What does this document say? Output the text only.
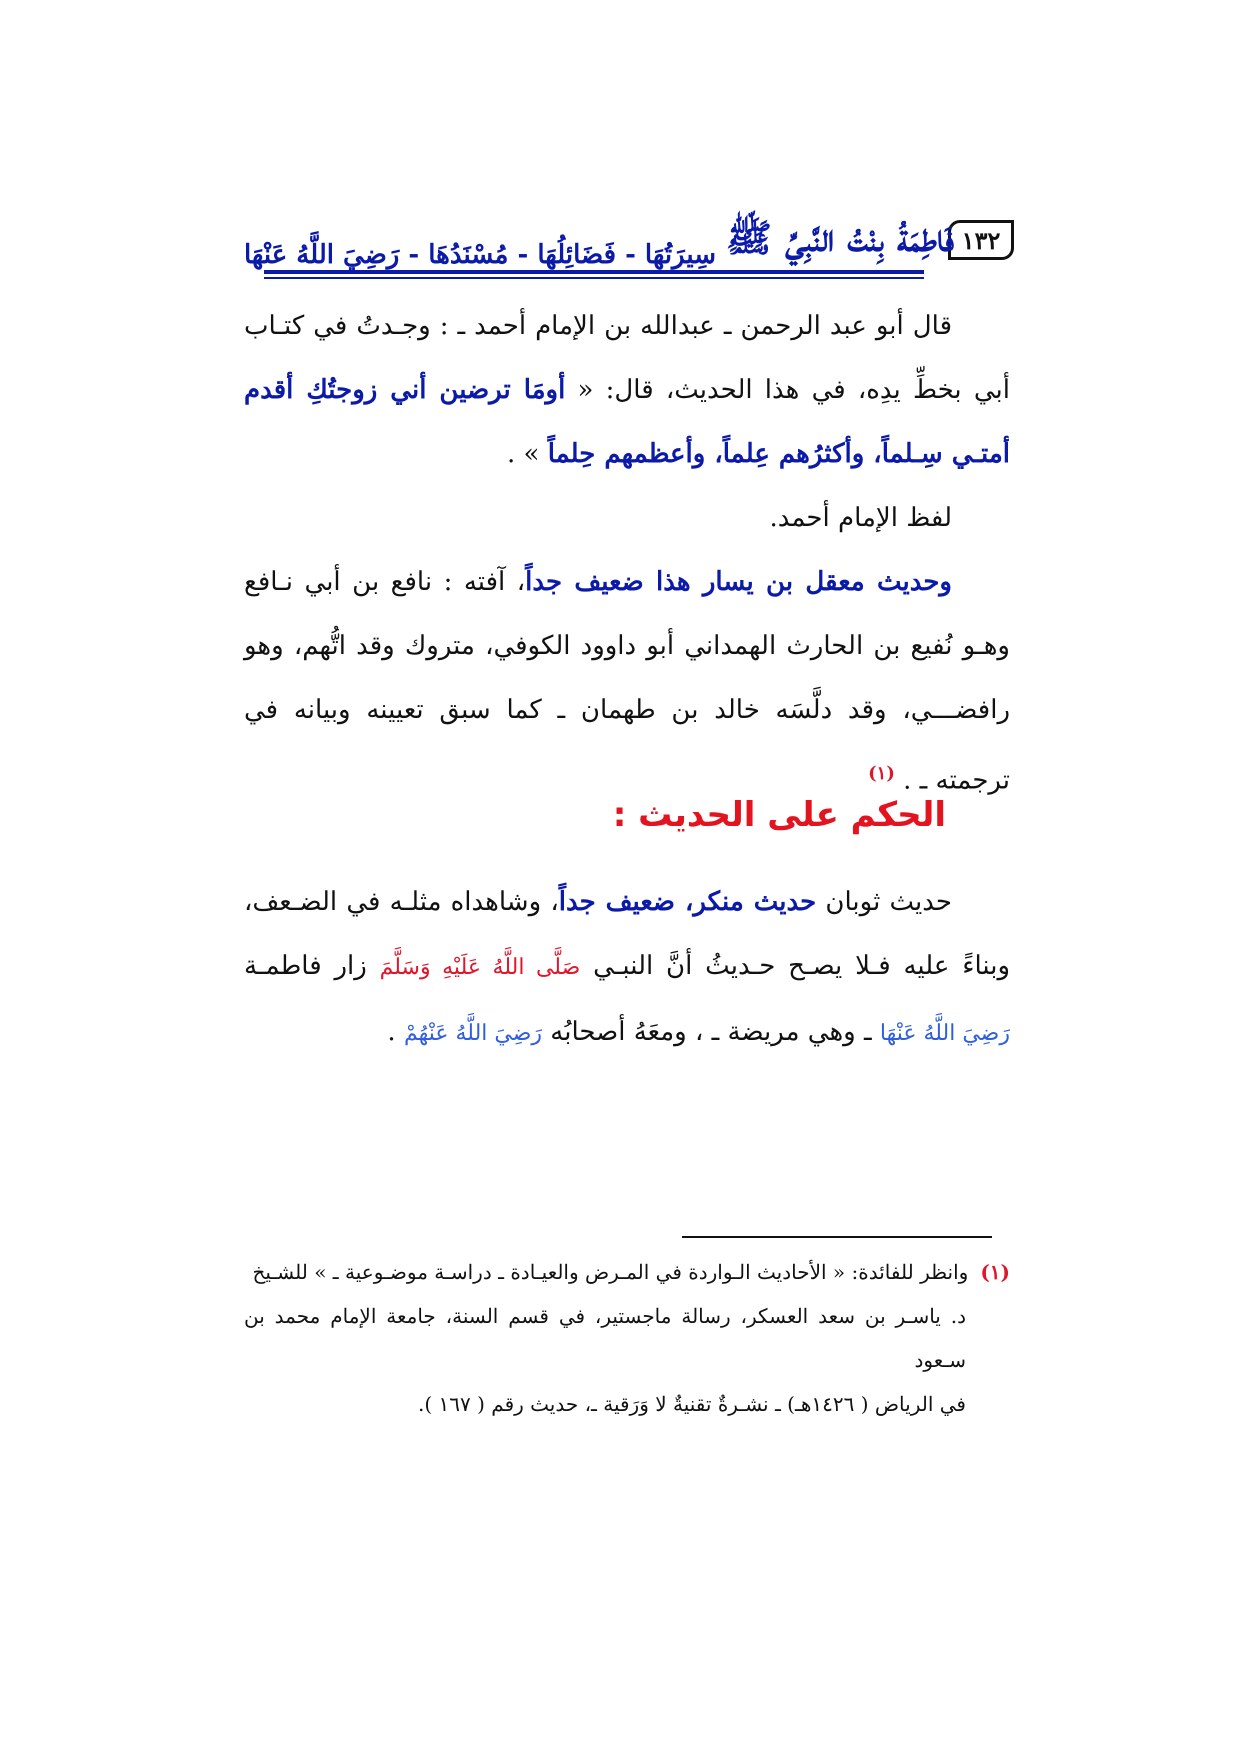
١٣٢
فَاطِمَةُ بِنْتُ النَّبِيِّ ﷺ
سِيرَتُهَا - فَضَائِلُهَا - مُسْنَدُهَا - رَضِيَ اللَّهُ عَنْهَا
قال أبو عبد الرحمن ـ عبدالله بن الإمام أحمد ـ : وجـدتُ في كتـاب أبي بخطِّ يدِه، في هذا الحديث، قال: « أومَا ترضين أني زوجتُكِ أقدم أمتـي سِـلماً، وأكثرُهم عِلماً، وأعظمهم حِلماً » .
لفظ الإمام أحمد.
وحديث معقل بن يسار هذا ضعيف جداً، آفته : نافع بن أبي نـافع وهـو نُفيع بن الحارث الهمداني أبو داوود الكوفي، متروك وقد اتُّهم، وهو رافضـــي، وقد دلَّسَه خالد بن طهمان ـ كما سبق تعيينه وبيانه في ترجمته ـ . $^{(١)}$
الحكم على الحديث :
حديث ثوبان حديث منكر، ضعيف جداً، وشاهداه مثلـه في الضـعف، وبناءً عليه فـلا يصـح حـديثُ أنَّ النبـي صَلَّى اللَّهُ عَلَيْهِ وَسَلَّمَ زار فاطمـة رَضِيَ اللَّهُ عَنْهَا ـ وهي مريضة ـ ، ومعَهُ أصحابُه رَضِيَ اللَّهُ عَنْهُمْ .
(١)وانظر للفائدة: « الأحاديث الـواردة في المـرض والعيـادة ـ دراسـة موضـوعية ـ » للشـيخ
د. ياسـر بن سعد العسكر، رسالة ماجستير، في قسم السنة، جامعة الإمام محمد بن سـعود
في الرياض ( ١٤٢٦هـ) ـ نشـرةٌ تقنيةٌ لا وَرَقية ـ، حديث رقم ( ١٦٧ ).
